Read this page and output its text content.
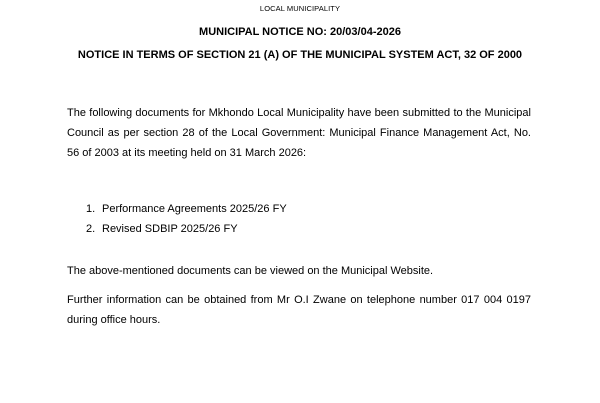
LOCAL MUNICIPALITY
MUNICIPAL NOTICE NO: 20/03/04-2026
NOTICE IN TERMS OF SECTION 21 (A) OF THE MUNICIPAL SYSTEM ACT, 32 OF 2000

The following documents for Mkhondo Local Municipality have been submitted to the Municipal Council as per section 28 of the Local Government: Municipal Finance Management Act, No. 56 of 2003 at its meeting held on 31 March 2026:

1. Performance Agreements 2025/26 FY
2. Revised SDBIP 2025/26 FY

The above-mentioned documents can be viewed on the Municipal Website.

Further information can be obtained from Mr O.I Zwane on telephone number 017 004 0197 during office hours.
